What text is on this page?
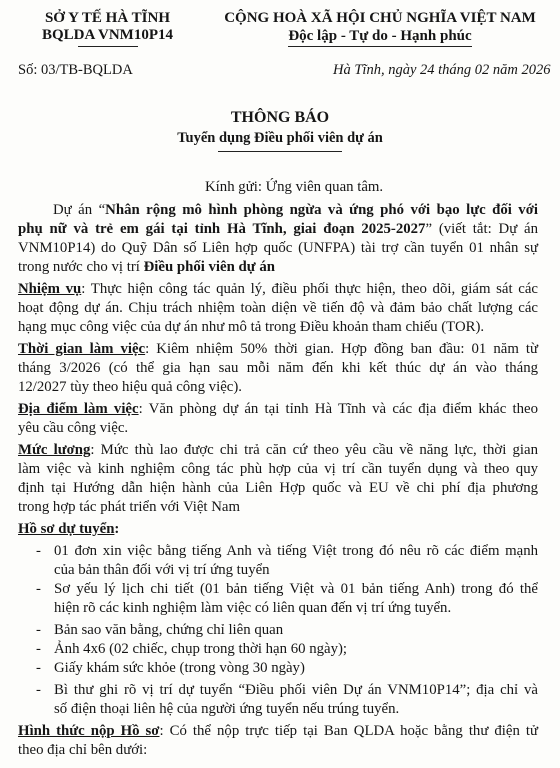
SỞ Y TẾ HÀ TĨNH
BQLDA VNM10P14
CỘNG HOÀ XÃ HỘI CHỦ NGHĨA VIỆT NAM
Độc lập - Tự do - Hạnh phúc
Số: 03/TB-BQLDA	Hà Tĩnh, ngày 24 tháng 02 năm 2026
THÔNG BÁO
Tuyển dụng Điều phối viên dự án
Kính gửi: Ứng viên quan tâm.
Dự án “Nhân rộng mô hình phòng ngừa và ứng phó với bạo lực đối với
phụ nữ và trẻ em gái tại tỉnh Hà Tĩnh, giai đoạn 2025-2027” (viết tắt: Dự án
VNM10P14) do Quỹ Dân số Liên hợp quốc (UNFPA) tài trợ cần tuyển 01 nhân sự
trong nước cho vị trí Điều phối viên dự án
Nhiệm vụ: Thực hiện công tác quản lý, điều phối thực hiện, theo dõi, giám sát các
hoạt động dự án. Chịu trách nhiệm toàn diện về tiến độ và đảm bảo chất lượng các
hạng mục công việc của dự án như mô tả trong Điều khoản tham chiếu (TOR).
Thời gian làm việc: Kiêm nhiệm 50% thời gian. Hợp đồng ban đầu: 01 năm từ
tháng 3/2026 (có thể gia hạn sau mỗi năm đến khi kết thúc dự án vào tháng
12/2027 tùy theo hiệu quả công việc).
Địa điểm làm việc: Văn phòng dự án tại tỉnh Hà Tĩnh và các địa điểm khác theo
yêu cầu công việc.
Mức lương: Mức thù lao được chi trả căn cứ theo yêu cầu về năng lực, thời gian
làm việc và kinh nghiệm công tác phù hợp của vị trí cần tuyển dụng và theo quy
định tại Hướng dẫn hiện hành của Liên Hợp quốc và EU về chi phí địa phương
trong hợp tác phát triển với Việt Nam
Hồ sơ dự tuyển:
- 01 đơn xin việc bằng tiếng Anh và tiếng Việt trong đó nêu rõ các điểm mạnh
của bản thân đối với vị trí ứng tuyển
- Sơ yếu lý lịch chi tiết (01 bản tiếng Việt và 01 bản tiếng Anh) trong đó thể
hiện rõ các kinh nghiệm làm việc có liên quan đến vị trí ứng tuyển.
- Bản sao văn bằng, chứng chỉ liên quan
- Ảnh 4x6 (02 chiếc, chụp trong thời hạn 60 ngày);
- Giấy khám sức khỏe (trong vòng 30 ngày)
- Bì thư ghi rõ vị trí dự tuyển “Điều phối viên Dự án VNM10P14”; địa chỉ và
số điện thoại liên hệ của người ứng tuyển nếu trúng tuyển.
Hình thức nộp Hồ sơ: Có thể nộp trực tiếp tại Ban QLDA hoặc bằng thư điện tử
theo địa chỉ bên dưới:
